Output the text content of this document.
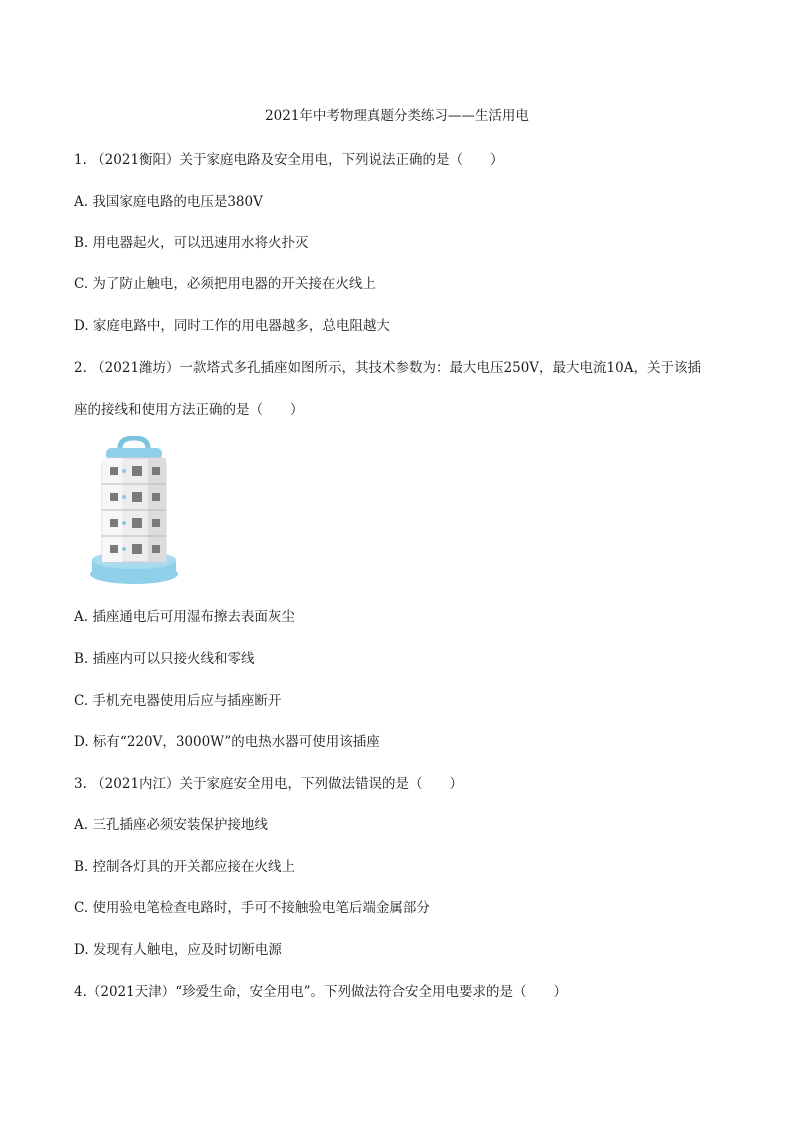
2021年中考物理真题分类练习——生活用电
1. （2021衡阳）关于家庭电路及安全用电，下列说法正确的是（　　）
A. 我国家庭电路的电压是380V
B. 用电器起火，可以迅速用水将火扑灭
C. 为了防止触电，必须把用电器的开关接在火线上
D. 家庭电路中，同时工作的用电器越多，总电阻越大
2. （2021潍坊）一款塔式多孔插座如图所示，其技术参数为：最大电压250V，最大电流10A，关于该插
座的接线和使用方法正确的是（　　）
A. 插座通电后可用湿布擦去表面灰尘
B. 插座内可以只接火线和零线
C. 手机充电器使用后应与插座断开
D. 标有“220V，3000W”的电热水器可使用该插座
3. （2021内江）关于家庭安全用电，下列做法错误的是（　　）
A. 三孔插座必须安装保护接地线
B. 控制各灯具的开关都应接在火线上
C. 使用验电笔检查电路时，手可不接触验电笔后端金属部分
D. 发现有人触电，应及时切断电源
4.（2021天津）“珍爱生命，安全用电”。下列做法符合安全用电要求的是（　　）
